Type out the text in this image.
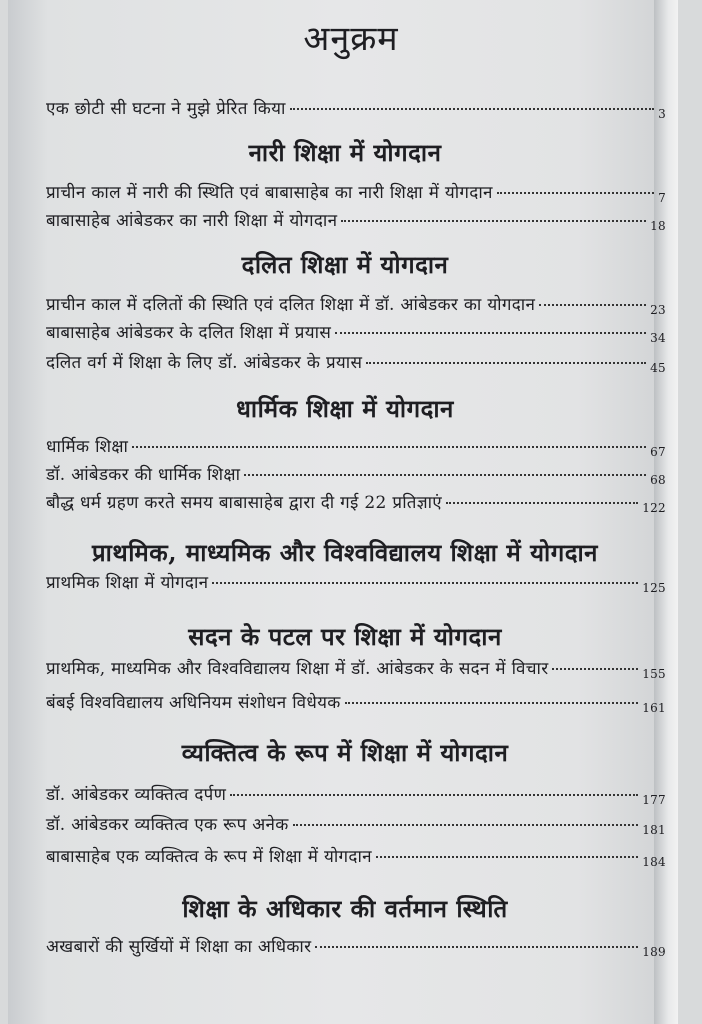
अनुक्रम
एक छोटी सी घटना ने मुझे प्रेरित किया	3
नारी शिक्षा में योगदान
प्राचीन काल में नारी की स्थिति एवं बाबासाहेब का नारी शिक्षा में योगदान	7
बाबासाहेब आंबेडकर का नारी शिक्षा में योगदान	18
दलित शिक्षा में योगदान
प्राचीन काल में दलितों की स्थिति एवं दलित शिक्षा में डॉ. आंबेडकर का योगदान	23
बाबासाहेब आंबेडकर के दलित शिक्षा में प्रयास	34
दलित वर्ग में शिक्षा के लिए डॉ. आंबेडकर के प्रयास	45
धार्मिक शिक्षा में योगदान
धार्मिक शिक्षा	67
डॉ. आंबेडकर की धार्मिक शिक्षा	68
बौद्ध धर्म ग्रहण करते समय बाबासाहेब द्वारा दी गई 22 प्रतिज्ञाएं	122
प्राथमिक, माध्यमिक और विश्वविद्यालय शिक्षा में योगदान
प्राथमिक शिक्षा में योगदान	125
सदन के पटल पर शिक्षा में योगदान
प्राथमिक, माध्यमिक और विश्वविद्यालय शिक्षा में डॉ. आंबेडकर के सदन में विचार	155
बंबई विश्वविद्यालय अधिनियम संशोधन विधेयक	161
व्यक्तित्व के रूप में शिक्षा में योगदान
डॉ. आंबेडकर व्यक्तित्व दर्पण	177
डॉ. आंबेडकर व्यक्तित्व एक रूप अनेक	181
बाबासाहेब एक व्यक्तित्व के रूप में शिक्षा में योगदान	184
शिक्षा के अधिकार की वर्तमान स्थिति
अखबारों की सुर्खियों में शिक्षा का अधिकार	189
